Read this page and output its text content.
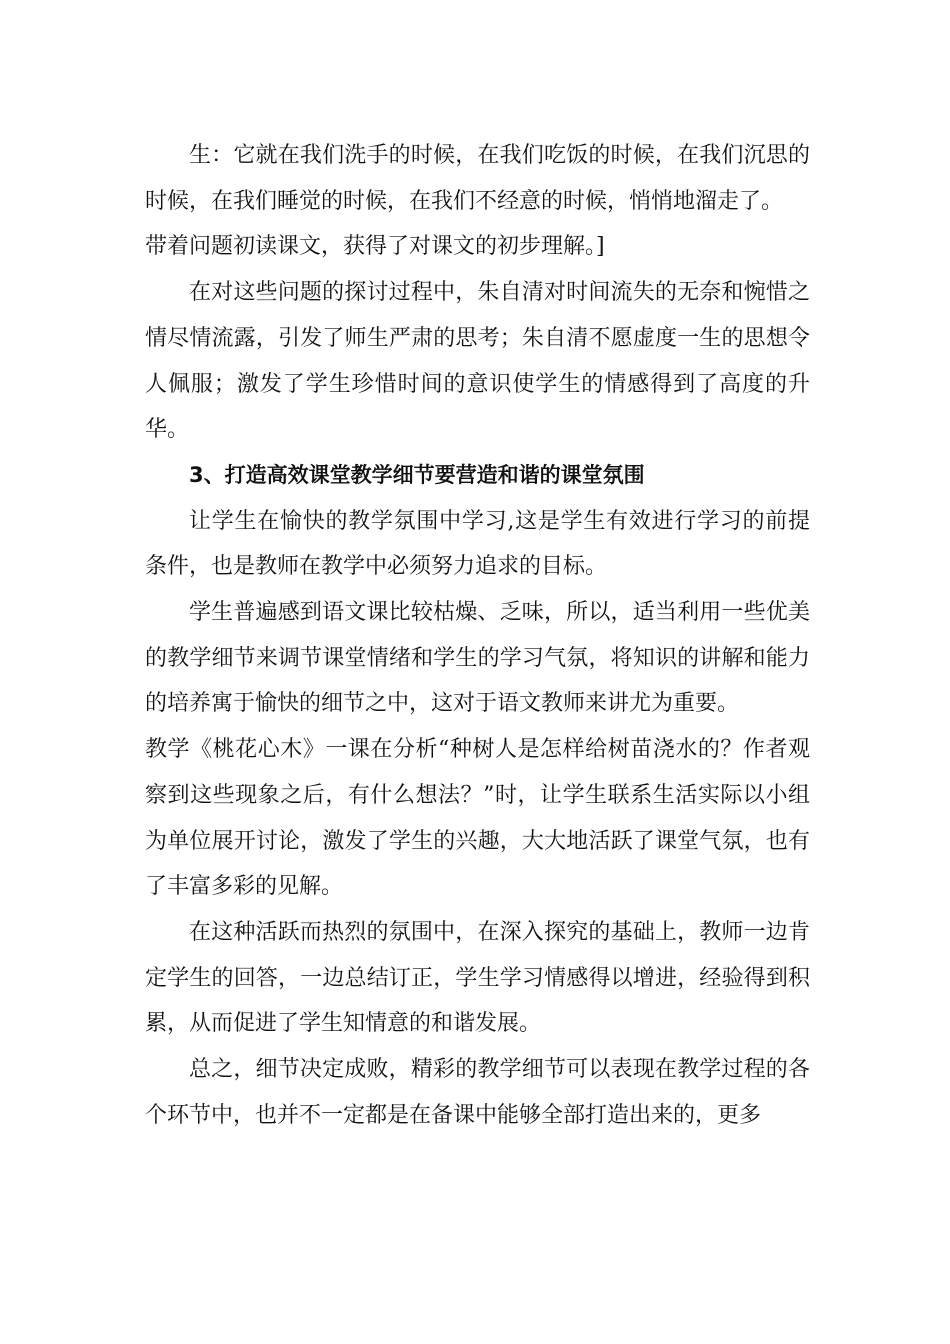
生：它就在我们洗手的时候，在我们吃饭的时候，在我们沉思的时候，在我们睡觉的时候，在我们不经意的时候，悄悄地溜走了。

带着问题初读课文，获得了对课文的初步理解。]

在对这些问题的探讨过程中，朱自清对时间流失的无奈和惋惜之情尽情流露，引发了师生严肃的思考；朱自清不愿虚度一生的思想令人佩服；激发了学生珍惜时间的意识使学生的情感得到了高度的升华。

3、打造高效课堂教学细节要营造和谐的课堂氛围

让学生在愉快的教学氛围中学习,这是学生有效进行学习的前提条件，也是教师在教学中必须努力追求的目标。

学生普遍感到语文课比较枯燥、乏味，所以，适当利用一些优美的教学细节来调节课堂情绪和学生的学习气氛，将知识的讲解和能力的培养寓于愉快的细节之中，这对于语文教师来讲尤为重要。

教学《桃花心木》一课在分析“种树人是怎样给树苗浇水的？作者观察到这些现象之后，有什么想法？”时，让学生联系生活实际以小组为单位展开讨论，激发了学生的兴趣，大大地活跃了课堂气氛，也有了丰富多彩的见解。

在这种活跃而热烈的氛围中，在深入探究的基础上，教师一边肯定学生的回答，一边总结订正，学生学习情感得以增进，经验得到积累，从而促进了学生知情意的和谐发展。

总之，细节决定成败，精彩的教学细节可以表现在教学过程的各个环节中，也并不一定都是在备课中能够全部打造出来的，更多
